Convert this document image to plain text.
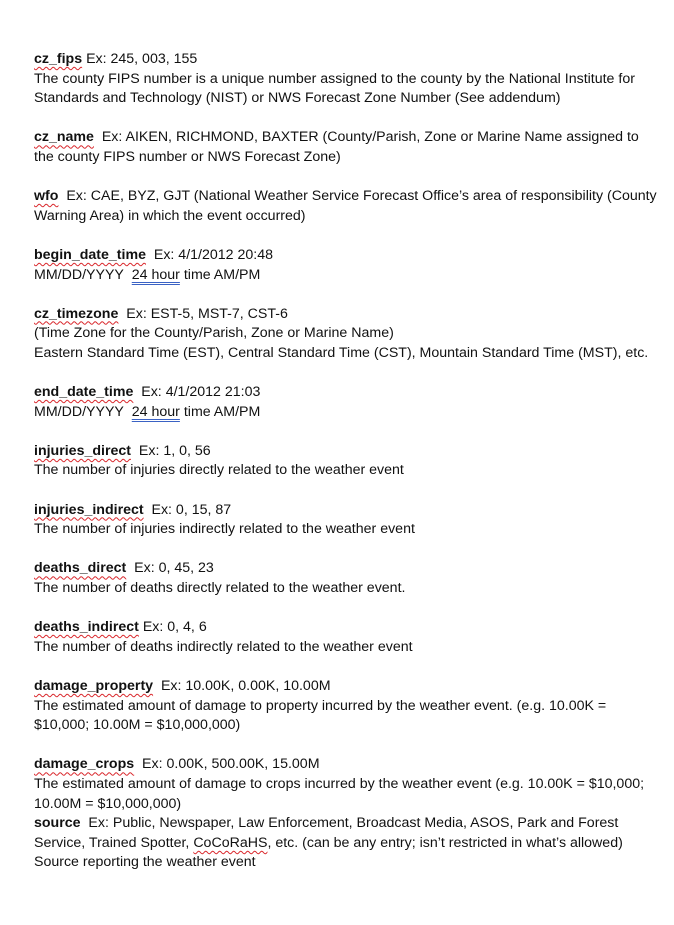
cz_fips Ex: 245, 003, 155

The county FIPS number is a unique number assigned to the county by the National Institute for Standards and Technology (NIST) or NWS Forecast Zone Number (See addendum)

cz_name Ex: AIKEN, RICHMOND, BAXTER (County/Parish, Zone or Marine Name assigned to the county FIPS number or NWS Forecast Zone)

wfo Ex: CAE, BYZ, GJT (National Weather Service Forecast Office’s area of responsibility (County Warning Area) in which the event occurred)

begin_date_time Ex: 4/1/2012 20:48

MM/DD/YYYY 24 hour time AM/PM

cz_timezone Ex: EST-5, MST-7, CST-6

(Time Zone for the County/Parish, Zone or Marine Name)

Eastern Standard Time (EST), Central Standard Time (CST), Mountain Standard Time (MST), etc.

end_date_time Ex: 4/1/2012 21:03

MM/DD/YYYY 24 hour time AM/PM

injuries_direct Ex: 1, 0, 56

The number of injuries directly related to the weather event

injuries_indirect Ex: 0, 15, 87

The number of injuries indirectly related to the weather event

deaths_direct Ex: 0, 45, 23

The number of deaths directly related to the weather event.

deaths_indirect Ex: 0, 4, 6

The number of deaths indirectly related to the weather event

damage_property Ex: 10.00K, 0.00K, 10.00M

The estimated amount of damage to property incurred by the weather event. (e.g. 10.00K = $10,000; 10.00M = $10,000,000)

damage_crops Ex: 0.00K, 500.00K, 15.00M

The estimated amount of damage to crops incurred by the weather event (e.g. 10.00K = $10,000; 10.00M = $10,000,000)

source Ex: Public, Newspaper, Law Enforcement, Broadcast Media, ASOS, Park and Forest Service, Trained Spotter, CoCoRaHS, etc. (can be any entry; isn’t restricted in what’s allowed)

Source reporting the weather event
